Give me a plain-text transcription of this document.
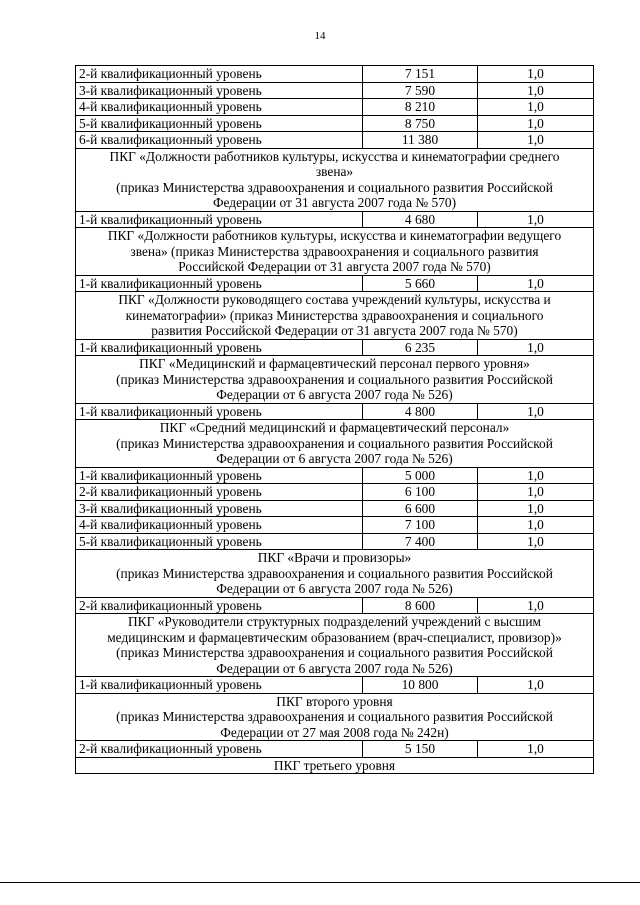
14
2-й квалификационный уровень	7 151	1,0
3-й квалификационный уровень	7 590	1,0
4-й квалификационный уровень	8 210	1,0
5-й квалификационный уровень	8 750	1,0
6-й квалификационный уровень	11 380	1,0

ПКГ «Должности работников культуры, искусства и кинематографии среднего
звена»
(приказ Министерства здравоохранения и социального развития Российской
Федерации от 31 августа 2007 года № 570)		

1-й квалификационный уровень	4 680	1,0

ПКГ «Должности работников культуры, искусства и кинематографии ведущего
звена» (приказ Министерства здравоохранения и социального развития
Российской Федерации от 31 августа 2007 года № 570)		

1-й квалификационный уровень	5 660	1,0

ПКГ «Должности руководящего состава учреждений культуры, искусства и
кинематографии» (приказ Министерства здравоохранения и социального
развития Российской Федерации от 31 августа 2007 года № 570)		

1-й квалификационный уровень	6 235	1,0

ПКГ «Медицинский и фармацевтический персонал первого уровня»
(приказ Министерства здравоохранения и социального развития Российской
Федерации от 6 августа 2007 года № 526)		

1-й квалификационный уровень	4 800	1,0

ПКГ «Средний медицинский и фармацевтический персонал»
(приказ Министерства здравоохранения и социального развития Российской
Федерации от 6 августа 2007 года № 526)		

1-й квалификационный уровень	5 000	1,0
2-й квалификационный уровень	6 100	1,0
3-й квалификационный уровень	6 600	1,0
4-й квалификационный уровень	7 100	1,0
5-й квалификационный уровень	7 400	1,0

ПКГ «Врачи и провизоры»
(приказ Министерства здравоохранения и социального развития Российской
Федерации от 6 августа 2007 года № 526)		

2-й квалификационный уровень	8 600	1,0

ПКГ «Руководители структурных подразделений учреждений с высшим
медицинским и фармацевтическим образованием (врач-специалист, провизор)»
(приказ Министерства здравоохранения и социального развития Российской
Федерации от 6 августа 2007 года № 526)		

1-й квалификационный уровень	10 800	1,0

ПКГ второго уровня
(приказ Министерства здравоохранения и социального развития Российской
Федерации от 27 мая 2008 года № 242н)		

2-й квалификационный уровень	5 150	1,0

ПКГ третьего уровня		
